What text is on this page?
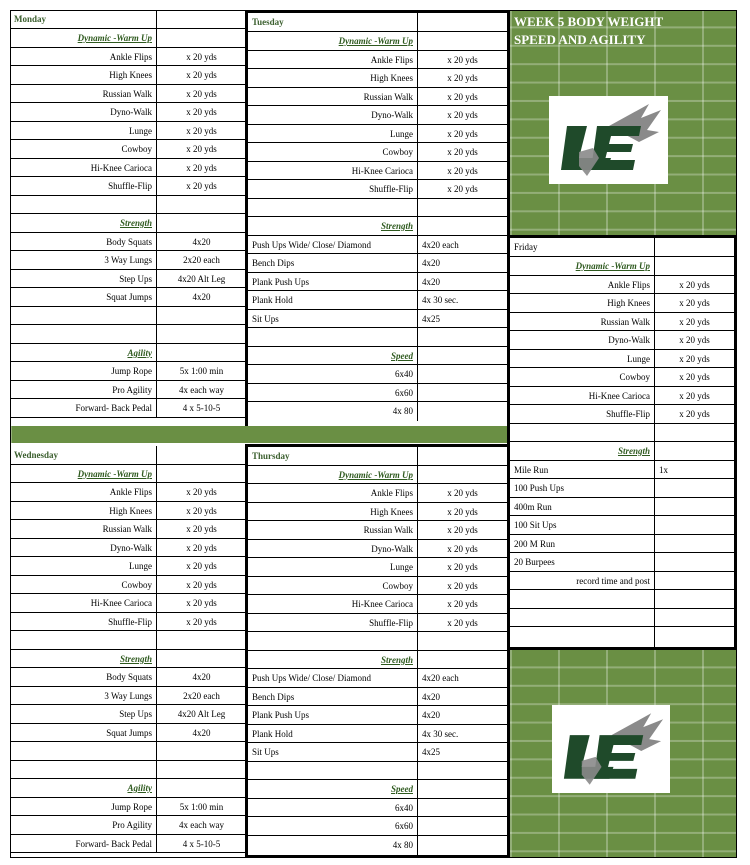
Monday
Dynamic -Warm Up
Ankle Flips	x 20 yds
High Knees	x 20 yds
Russian Walk	x 20 yds
Dyno-Walk	x 20 yds
Lunge	x 20 yds
Cowboy	x 20 yds
Hi-Knee Carioca	x 20 yds
Shuffle-Flip	x 20 yds
Strength
Body Squats	4x20
3 Way Lungs	2x20 each
Step Ups	4x20 Alt Leg
Squat Jumps	4x20
Agility
Jump Rope	5x 1:00 min
Pro Agility	4x each way
Forward- Back Pedal	4 x 5-10-5
Tuesday
Dynamic -Warm Up
Ankle Flips	x 20 yds
High Knees	x 20 yds
Russian Walk	x 20 yds
Dyno-Walk	x 20 yds
Lunge	x 20 yds
Cowboy	x 20 yds
Hi-Knee Carioca	x 20 yds
Shuffle-Flip	x 20 yds
Strength
Push Ups Wide/ Close/ Diamond	4x20 each
Bench Dips	4x20
Plank Push Ups	4x20
Plank Hold	4x 30 sec.
Sit Ups	4x25
Speed
6x40
6x60
4x 80
WEEK 5 BODY WEIGHT
SPEED AND AGILITY
Friday
Dynamic -Warm Up
Ankle Flips	x 20 yds
High Knees	x 20 yds
Russian Walk	x 20 yds
Dyno-Walk	x 20 yds
Lunge	x 20 yds
Cowboy	x 20 yds
Hi-Knee Carioca	x 20 yds
Shuffle-Flip	x 20 yds
Strength
Mile Run	1x
100 Push Ups
400m Run
100 Sit Ups
200 M Run
20 Burpees
record time and post
Wednesday
Dynamic -Warm Up
Ankle Flips	x 20 yds
High Knees	x 20 yds
Russian Walk	x 20 yds
Dyno-Walk	x 20 yds
Lunge	x 20 yds
Cowboy	x 20 yds
Hi-Knee Carioca	x 20 yds
Shuffle-Flip	x 20 yds
Strength
Body Squats	4x20
3 Way Lungs	2x20 each
Step Ups	4x20 Alt Leg
Squat Jumps	4x20
Agility
Jump Rope	5x 1:00 min
Pro Agility	4x each way
Forward- Back Pedal	4 x 5-10-5
Thursday
Dynamic -Warm Up
Ankle Flips	x 20 yds
High Knees	x 20 yds
Russian Walk	x 20 yds
Dyno-Walk	x 20 yds
Lunge	x 20 yds
Cowboy	x 20 yds
Hi-Knee Carioca	x 20 yds
Shuffle-Flip	x 20 yds
Strength
Push Ups Wide/ Close/ Diamond	4x20 each
Bench Dips	4x20
Plank Push Ups	4x20
Plank Hold	4x 30 sec.
Sit Ups	4x25
Speed
6x40
6x60
4x 80
